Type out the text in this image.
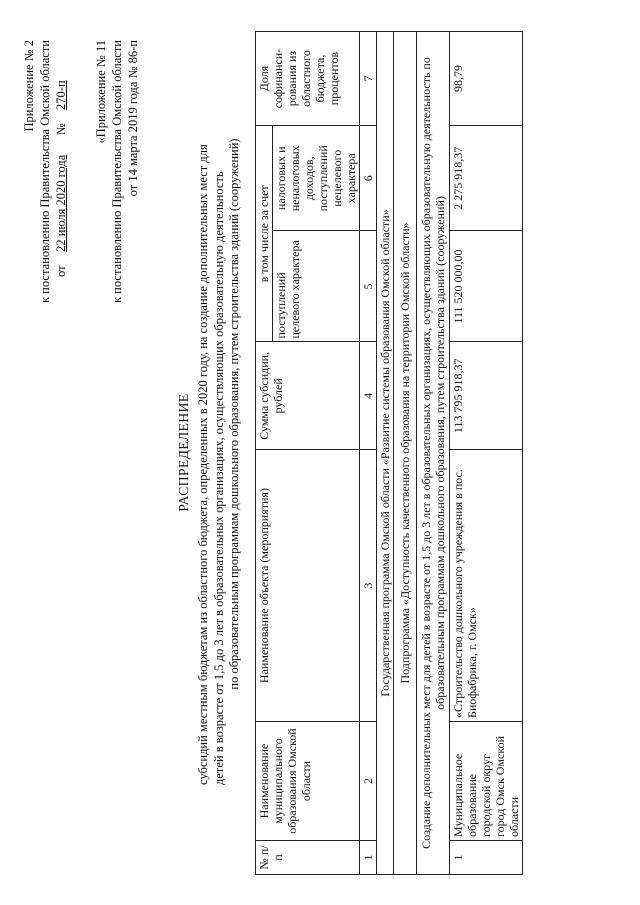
Приложение № 2 к постановлению Правительства Омской области от 22 июля 2020 года № 270-п «Приложение № 11 к постановлению Правительства Омской области от 14 марта 2019 года № 86-п
РАСПРЕДЕЛЕНИЕ субсидий местным бюджетам из областного бюджета, определенных в 2020 году, на создание дополнительных мест для детей в возрасте от 1,5 до 3 лет в образовательных организациях, осуществляющих образовательную деятельность по образовательным программам дошкольного образования, путем строительства зданий (сооружений)
№ п/п	Наименование муниципального образования Омской области	Наименование объекта (мероприятия)	Сумма субсидии, рублей	в том числе за счет		Доля софинанси-рования из областного бюджета, процентов
				поступлений целевого характера	налоговых и неналоговых доходов, поступлений нецелевого характера	
1	2	3	4	5	6	7
Государственная программа Омской области «Развитие системы образования Омской области»						
Подпрограмма «Доступность качественного образования на территории Омской области»						
Создание дополнительных мест для детей в возрасте от 1,5 до 3 лет в образовательных организациях, осуществляющих образовательную деятельность по образовательным программам дошкольного образования, путем строительства зданий (сооружений)						
1	Муниципальное образование городской округ город Омск Омской области	«Строительство дошкольного учреждения в пос. Биофабрика, г. Омск»	113 795 918,37	111 520 000,00	2 275 918,37	98,79
